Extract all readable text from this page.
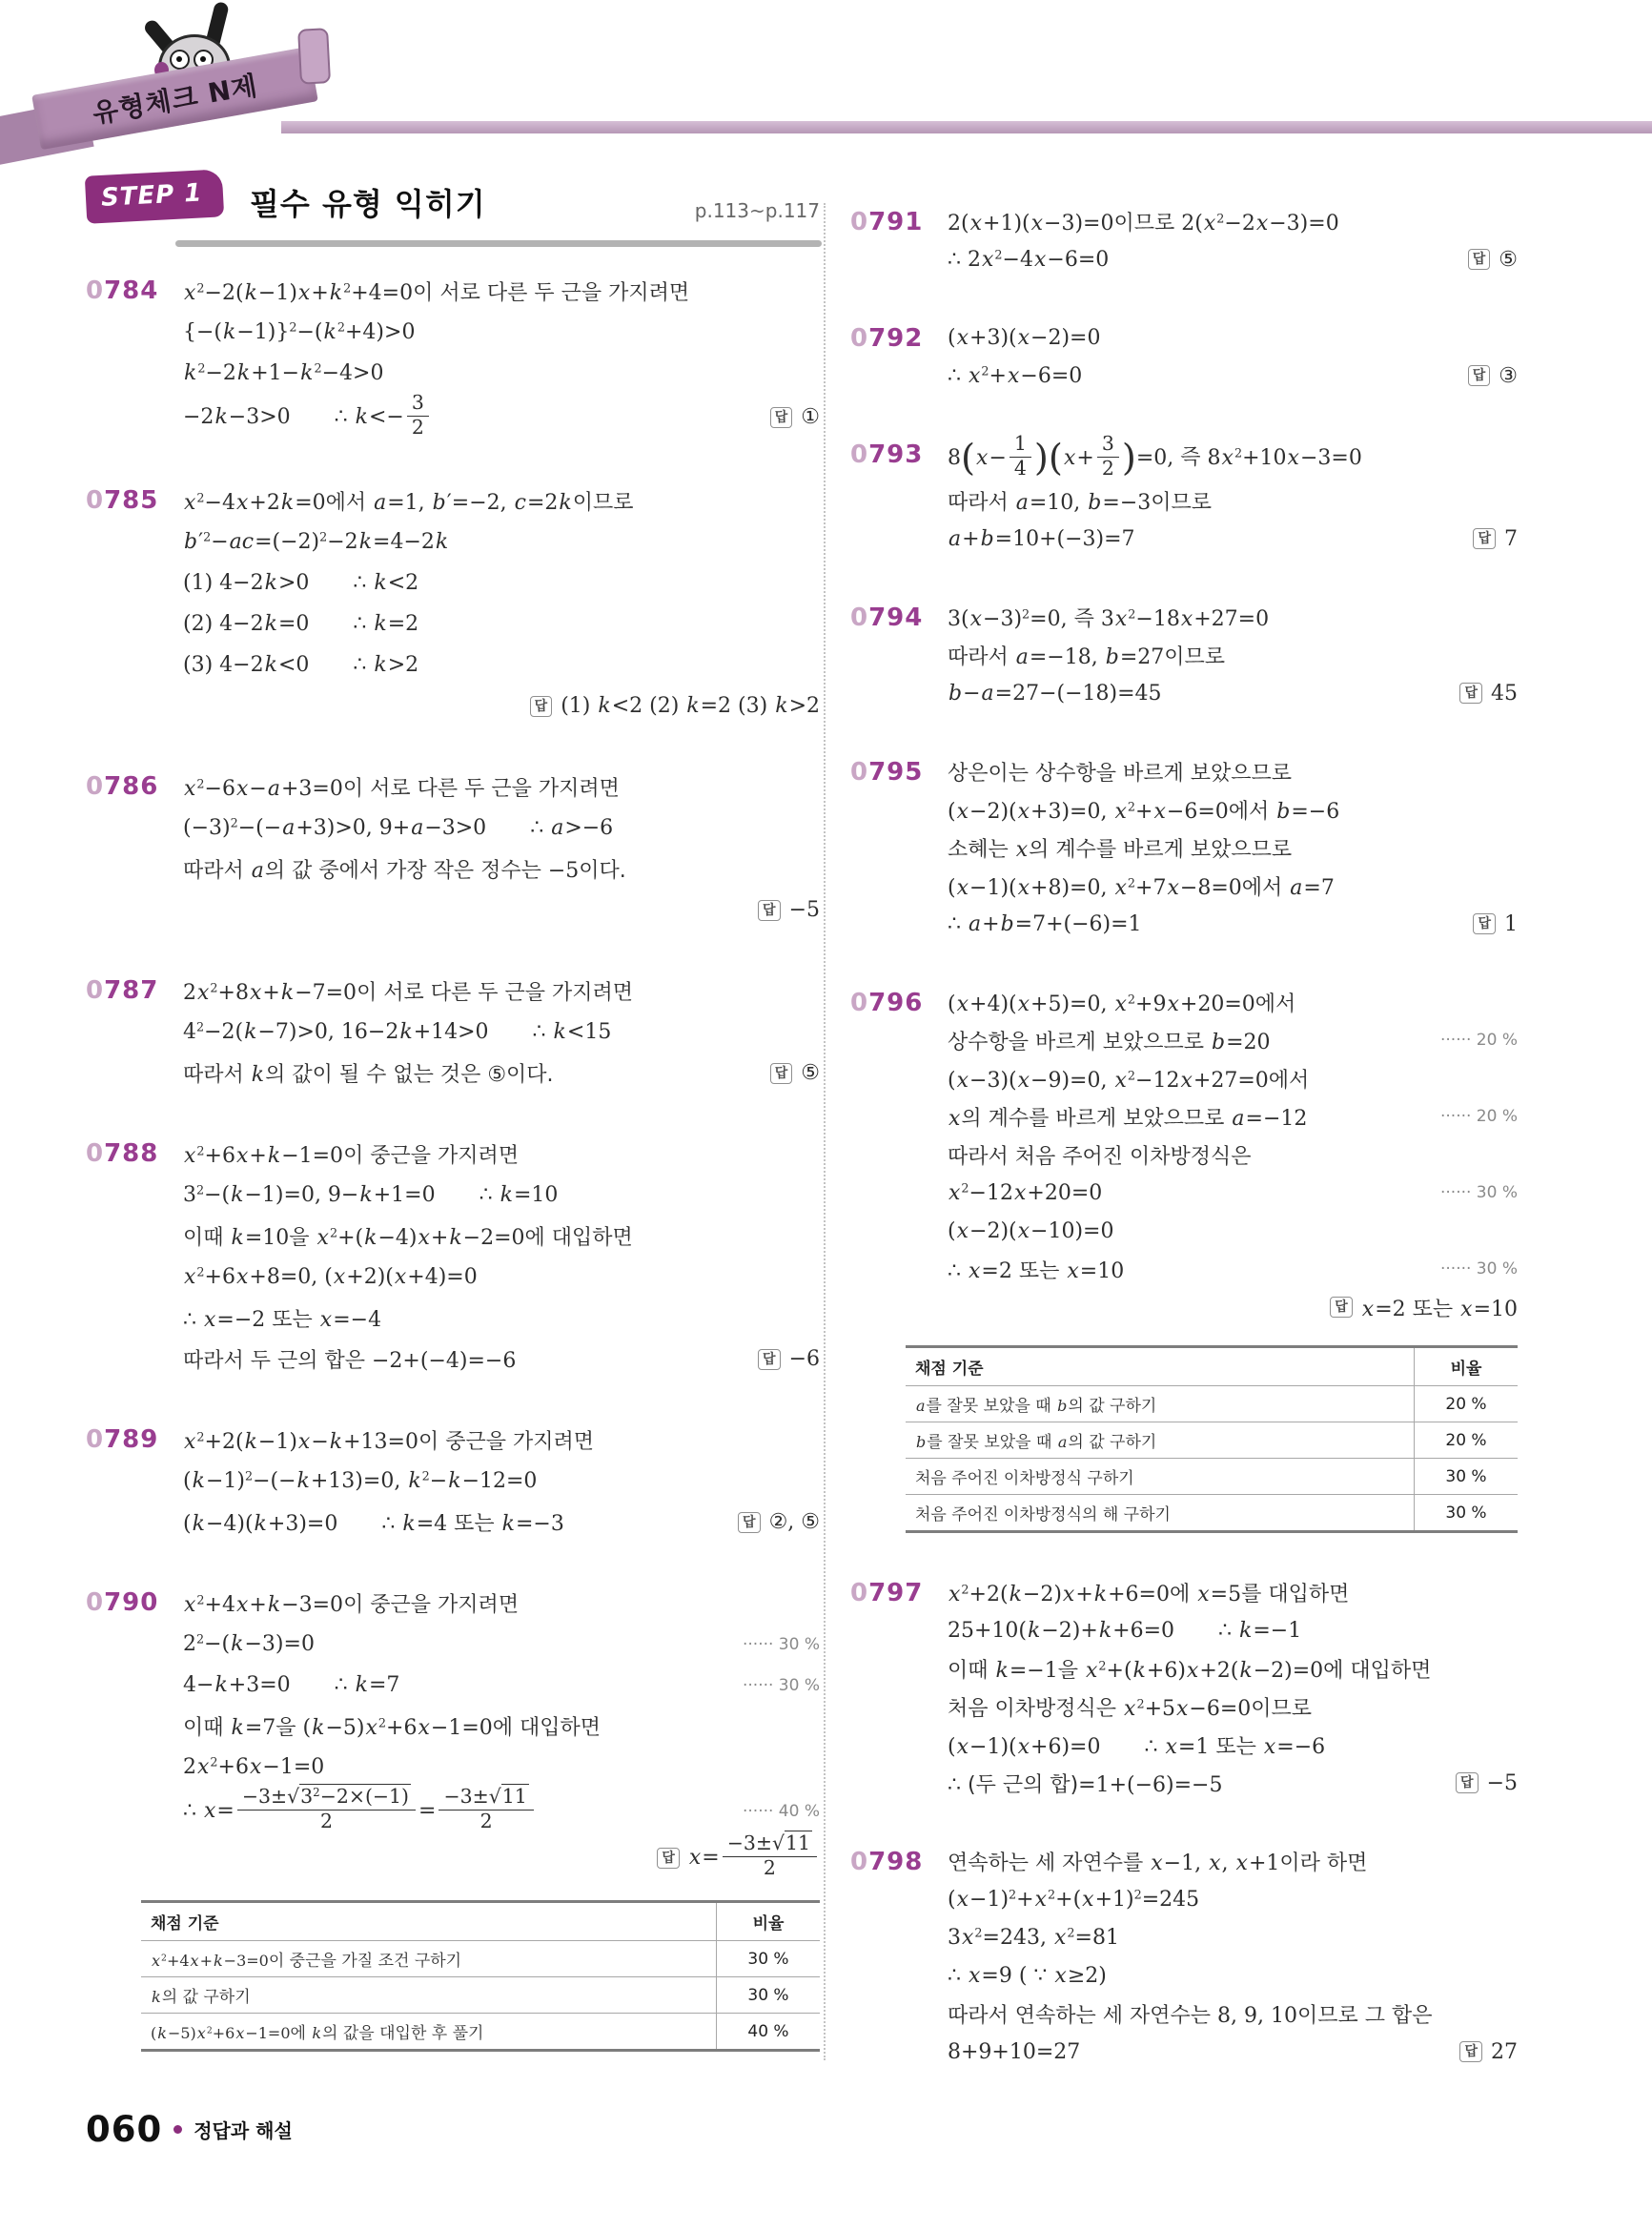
유형체크 N제
STEP 1	필수 유형 익히기	p.113~p.117
0784	$x^2-2(k-1)x+k^2+4=0$이 서로 다른 두 근을 가지려면
$\{-(k-1)\}^2-(k^2+4)>0$
$k^2-2k+1-k^2-4>0$
−2k−3>0 ∴ $k<- \frac{3}{2}$	답 ①
0785	$x^2-4x+2k=0$에서 a=1, b′=−2, c=2k이므로
$b'^2-ac=(-2)^2-2k=4-2k$
(1) 4−2k>0 ∴ k<2
(2) 4−2k=0 ∴ k=2
(3) 4−2k<0 ∴ k>2
답 (1) k<2 (2) k=2 (3) k>2
0786	$x^2-6x-a+3=0$이 서로 다른 두 근을 가지려면
$(-3)^2-(-a+3)>0$, 9+a−3>0 ∴ a>−6
따라서 a의 값 중에서 가장 작은 정수는 −5이다.
답 −5
0787	$2x^2+8x+k-7=0$이 서로 다른 두 근을 가지려면
$4^2-2(k-7)>0$, 16−2k+14>0 ∴ k<15
따라서 k의 값이 될 수 없는 것은 ⑤이다.	답 ⑤
0788	$x^2+6x+k-1=0$이 중근을 가지려면
$3^2-(k-1)=0$, 9−k+1=0 ∴ k=10
이때 k=10을 $x^2+(k-4)x+k-2=0$에 대입하면
$x^2+6x+8=0$, (x+2)(x+4)=0
∴ x=−2 또는 x=−4
따라서 두 근의 합은 −2+(−4)=−6	답 −6
0789	$x^2+2(k-1)x-k+13=0$이 중근을 가지려면
$(k-1)^2-(-k+13)=0$, $k^2-k-12=0$
(k−4)(k+3)=0 ∴ k=4 또는 k=−3	답 ②, ⑤
0790	$x^2+4x+k-3=0$이 중근을 가지려면
$2^2-(k-3)=0$	······ 30 %
4−k+3=0 ∴ k=7	······ 30 %
이때 k=7을 $(k-5)x^2+6x-1=0$에 대입하면
$2x^2+6x-1=0$
∴ $x= \frac{-3\pm√3^2-2\times(-1)}{2} = \frac{-3\pm√11}{2}$	······ 40 %
답 $x= \frac{-3\pm√11}{2}$
채점 기준	비율
$x^2+4x+k-3=0$이 중근을 가질 조건 구하기	30 %
k의 값 구하기	30 %
$(k-5)x^2+6x-1=0$에 k의 값을 대입한 후 풀기	40 %
0791	2(x+1)(x−3)=0이므로 $2(x^2-2x-3)=0$
∴ $2x^2-4x-6=0$	답 ⑤
0792	(x+3)(x−2)=0
∴ $x^2+x-6=0$	답 ③
0793	$8(x- \frac{1}{4} )(x+ \frac{3}{2} )=0$, 즉 $8x^2+10x-3=0$
따라서 a=10, b=−3이므로
a+b=10+(−3)=7	답 7
0794	$3(x-3)^2=0$, 즉 $3x^2-18x+27=0$
따라서 a=−18, b=27이므로
b−a=27−(−18)=45	답 45
0795	상은이는 상수항을 바르게 보았으므로
(x−2)(x+3)=0, $x^2+x-6=0$에서 b=−6
소혜는 x의 계수를 바르게 보았으므로
(x−1)(x+8)=0, $x^2+7x-8=0$에서 a=7
∴ a+b=7+(−6)=1	답 1
0796	(x+4)(x+5)=0, $x^2+9x+20=0$에서
상수항을 바르게 보았으므로 b=20	······ 20 %
(x−3)(x−9)=0, $x^2-12x+27=0$에서
x의 계수를 바르게 보았으므로 a=−12	······ 20 %
따라서 처음 주어진 이차방정식은
$x^2-12x+20=0$	······ 30 %
(x−2)(x−10)=0
∴ x=2 또는 x=10	······ 30 %
답 x=2 또는 x=10
채점 기준	비율
a를 잘못 보았을 때 b의 값 구하기	20 %
b를 잘못 보았을 때 a의 값 구하기	20 %
처음 주어진 이차방정식 구하기	30 %
처음 주어진 이차방정식의 해 구하기	30 %
0797	$x^2+2(k-2)x+k+6=0$에 x=5를 대입하면
25+10(k−2)+k+6=0 ∴ k=−1
이때 k=−1을 $x^2+(k+6)x+2(k-2)=0$에 대입하면
처음 이차방정식은 $x^2+5x-6=0$이므로
(x−1)(x+6)=0 ∴ x=1 또는 x=−6
∴ (두 근의 합)=1+(−6)=−5	답 −5
0798	연속하는 세 자연수를 x−1, x, x+1이라 하면
$(x-1)^2+x^2+(x+1)^2=245$
$3x^2=243$, $x^2=81$
∴ x=9 ( ∵ x≥2)
따라서 연속하는 세 자연수는 8, 9, 10이므로 그 합은
8+9+10=27	답 27
060 정답과 해설
